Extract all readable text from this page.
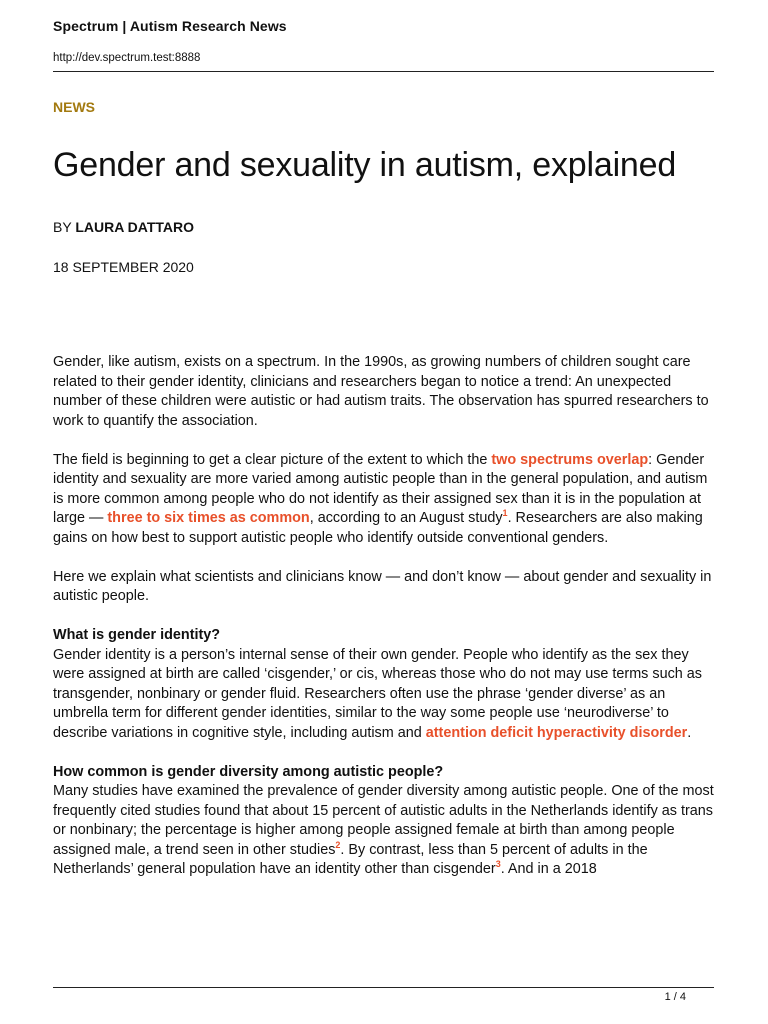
Spectrum | Autism Research News
http://dev.spectrum.test:8888
NEWS
Gender and sexuality in autism, explained
BY LAURA DATTARO
18 SEPTEMBER 2020

Gender, like autism, exists on a spectrum. In the 1990s, as growing numbers of children sought care related to their gender identity, clinicians and researchers began to notice a trend: An unexpected number of these children were autistic or had autism traits. The observation has spurred researchers to work to quantify the association.

The field is beginning to get a clear picture of the extent to which the two spectrums overlap: Gender identity and sexuality are more varied among autistic people than in the general population, and autism is more common among people who do not identify as their assigned sex than it is in the population at large — three to six times as common, according to an August study$^1$. Researchers are also making gains on how best to support autistic people who identify outside conventional genders.

Here we explain what scientists and clinicians know — and don’t know — about gender and sexuality in autistic people.

What is gender identity?

Gender identity is a person’s internal sense of their own gender. People who identify as the sex they were assigned at birth are called ‘cisgender,’ or cis, whereas those who do not may use terms such as transgender, nonbinary or gender fluid. Researchers often use the phrase ‘gender diverse’ as an umbrella term for different gender identities, similar to the way some people use ‘neurodiverse’ to describe variations in cognitive style, including autism and attention deficit hyperactivity disorder.

How common is gender diversity among autistic people?

Many studies have examined the prevalence of gender diversity among autistic people. One of the most frequently cited studies found that about 15 percent of autistic adults in the Netherlands identify as trans or nonbinary; the percentage is higher among people assigned female at birth than among people assigned male, a trend seen in other studies$^2$. By contrast, less than 5 percent of adults in the Netherlands’ general population have an identity other than cisgender$^3$. And in a 2018

1 / 4
